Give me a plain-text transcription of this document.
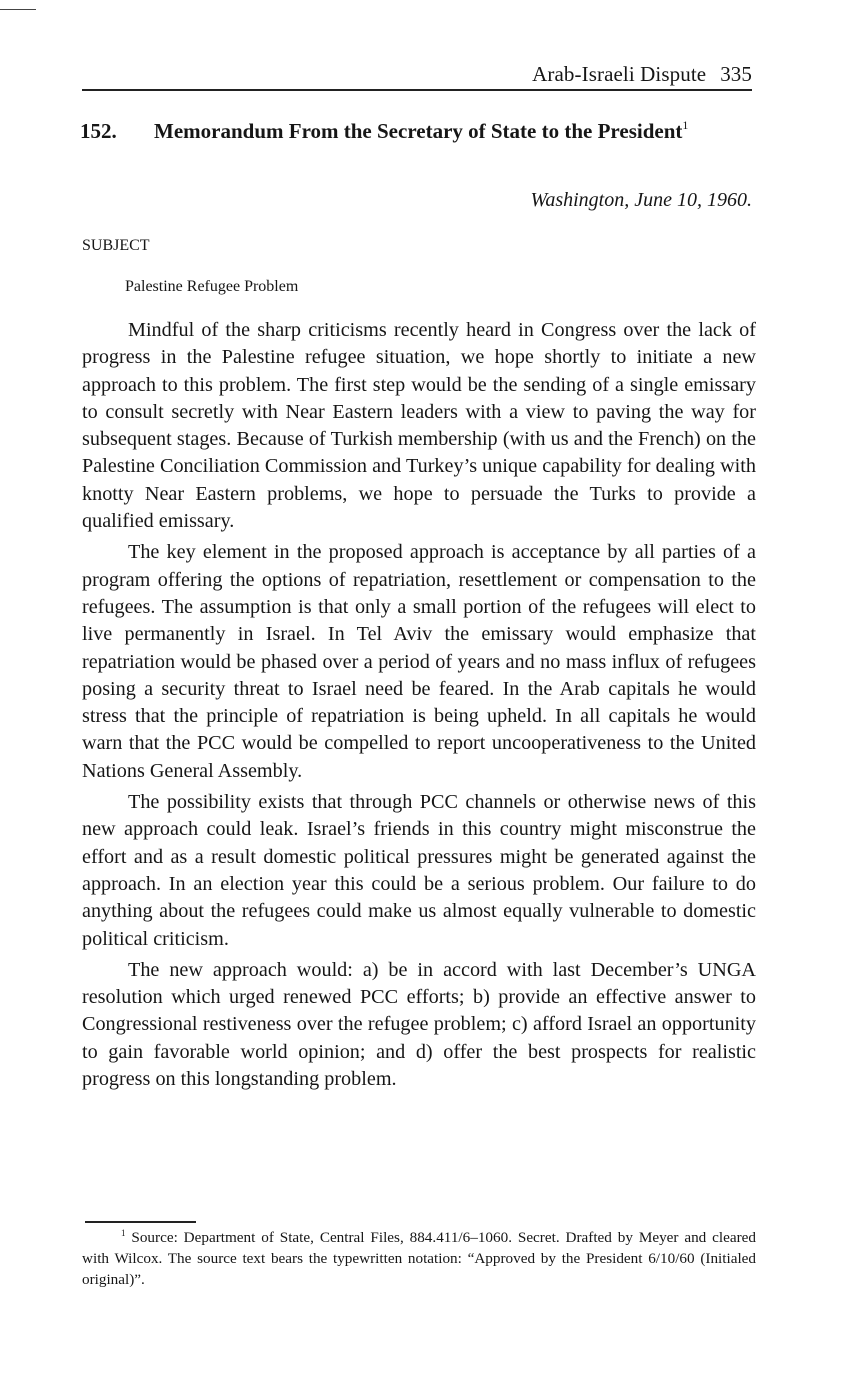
Arab-Israeli Dispute 335
152. Memorandum From the Secretary of State to the President$^1$
Washington, June 10, 1960.
SUBJECT
Palestine Refugee Problem

Mindful of the sharp criticisms recently heard in Congress over the lack of progress in the Palestine refugee situation, we hope shortly to initiate a new approach to this problem. The first step would be the sending of a single emissary to consult secretly with Near Eastern leaders with a view to paving the way for subsequent stages. Because of Turkish membership (with us and the French) on the Palestine Conciliation Commission and Turkey’s unique capability for dealing with knotty Near Eastern problems, we hope to persuade the Turks to provide a qualified emissary.

The key element in the proposed approach is acceptance by all parties of a program offering the options of repatriation, resettlement or compensation to the refugees. The assumption is that only a small portion of the refugees will elect to live permanently in Israel. In Tel Aviv the emissary would emphasize that repatriation would be phased over a period of years and no mass influx of refugees posing a security threat to Israel need be feared. In the Arab capitals he would stress that the principle of repatriation is being upheld. In all capitals he would warn that the PCC would be compelled to report uncooperativeness to the United Nations General Assembly.

The possibility exists that through PCC channels or otherwise news of this new approach could leak. Israel’s friends in this country might misconstrue the effort and as a result domestic political pressures might be generated against the approach. In an election year this could be a serious problem. Our failure to do anything about the refugees could make us almost equally vulnerable to domestic political criticism.

The new approach would: a) be in accord with last December’s UNGA resolution which urged renewed PCC efforts; b) provide an effective answer to Congressional restiveness over the refugee problem; c) afford Israel an opportunity to gain favorable world opinion; and d) offer the best prospects for realistic progress on this longstanding problem.

$^1$ Source: Department of State, Central Files, 884.411/6–1060. Secret. Drafted by Meyer and cleared with Wilcox. The source text bears the typewritten notation: “Approved by the President 6/10/60 (Initialed original)”.
